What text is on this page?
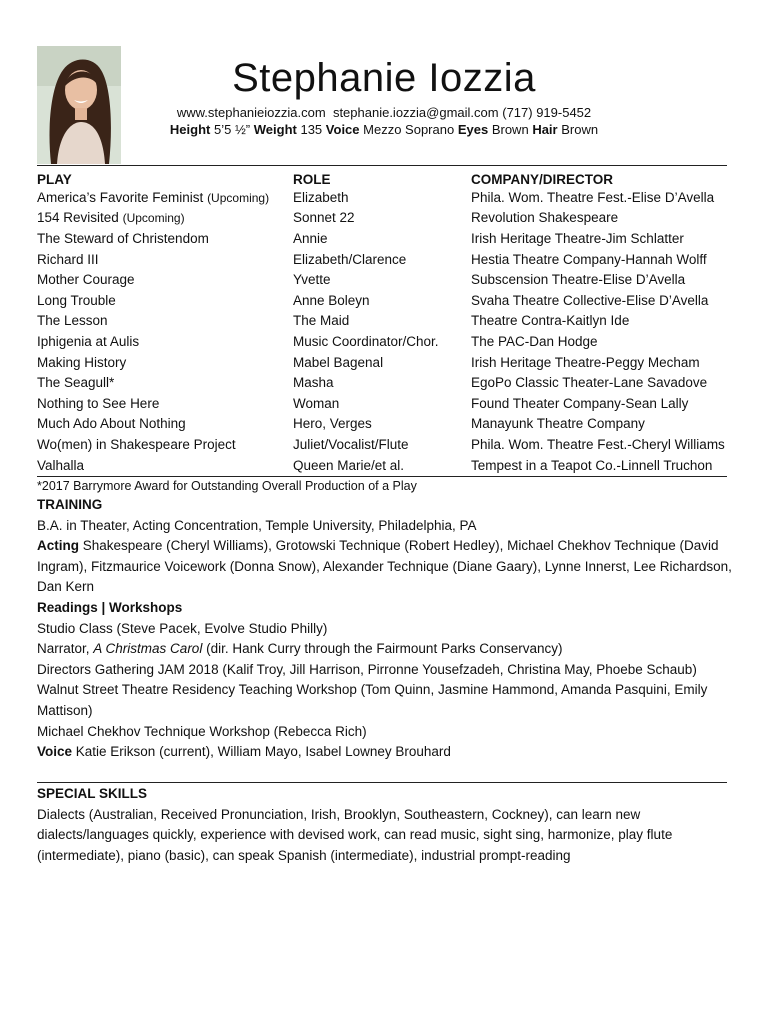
Stephanie Iozzia
www.stephanieiozzia.com stephanie.iozzia@gmail.com (717) 919-5452
Height 5’5 ½” Weight 135 Voice Mezzo Soprano Eyes Brown Hair Brown
PLAY	ROLE	COMPANY/DIRECTOR
America’s Favorite Feminist (Upcoming)	Elizabeth	Phila. Wom. Theatre Fest.-Elise D’Avella
154 Revisited (Upcoming)	Sonnet 22	Revolution Shakespeare
The Steward of Christendom	Annie	Irish Heritage Theatre-Jim Schlatter
Richard III	Elizabeth/Clarence	Hestia Theatre Company-Hannah Wolff
Mother Courage	Yvette	Subscension Theatre-Elise D’Avella
Long Trouble	Anne Boleyn	Svaha Theatre Collective-Elise D’Avella
The Lesson	The Maid	Theatre Contra-Kaitlyn Ide
Iphigenia at Aulis	Music Coordinator/Chor.	The PAC-Dan Hodge
Making History	Mabel Bagenal	Irish Heritage Theatre-Peggy Mecham
The Seagull*	Masha	EgoPo Classic Theater-Lane Savadove
Nothing to See Here	Woman	Found Theater Company-Sean Lally
Much Ado About Nothing	Hero, Verges	Manayunk Theatre Company
Wo(men) in Shakespeare Project	Juliet/Vocalist/Flute	Phila. Wom. Theatre Fest.-Cheryl Williams
Valhalla	Queen Marie/et al.	Tempest in a Teapot Co.-Linnell Truchon
*2017 Barrymore Award for Outstanding Overall Production of a Play

TRAINING

B.A. in Theater, Acting Concentration, Temple University, Philadelphia, PA

Acting Shakespeare (Cheryl Williams), Grotowski Technique (Robert Hedley), Michael Chekhov Technique (David Ingram), Fitzmaurice Voicework (Donna Snow), Alexander Technique (Diane Gaary), Lynne Innerst, Lee Richardson, Dan Kern

Readings | Workshops

Studio Class (Steve Pacek, Evolve Studio Philly)

Narrator, A Christmas Carol (dir. Hank Curry through the Fairmount Parks Conservancy)

Directors Gathering JAM 2018 (Kalif Troy, Jill Harrison, Pirronne Yousefzadeh, Christina May, Phoebe Schaub)

Walnut Street Theatre Residency Teaching Workshop (Tom Quinn, Jasmine Hammond, Amanda Pasquini, Emily Mattison)

Michael Chekhov Technique Workshop (Rebecca Rich)

Voice Katie Erikson (current), William Mayo, Isabel Lowney Brouhard

SPECIAL SKILLS

Dialects (Australian, Received Pronunciation, Irish, Brooklyn, Southeastern, Cockney), can learn new dialects/languages quickly, experience with devised work, can read music, sight sing, harmonize, play flute (intermediate), piano (basic), can speak Spanish (intermediate), industrial prompt-reading
